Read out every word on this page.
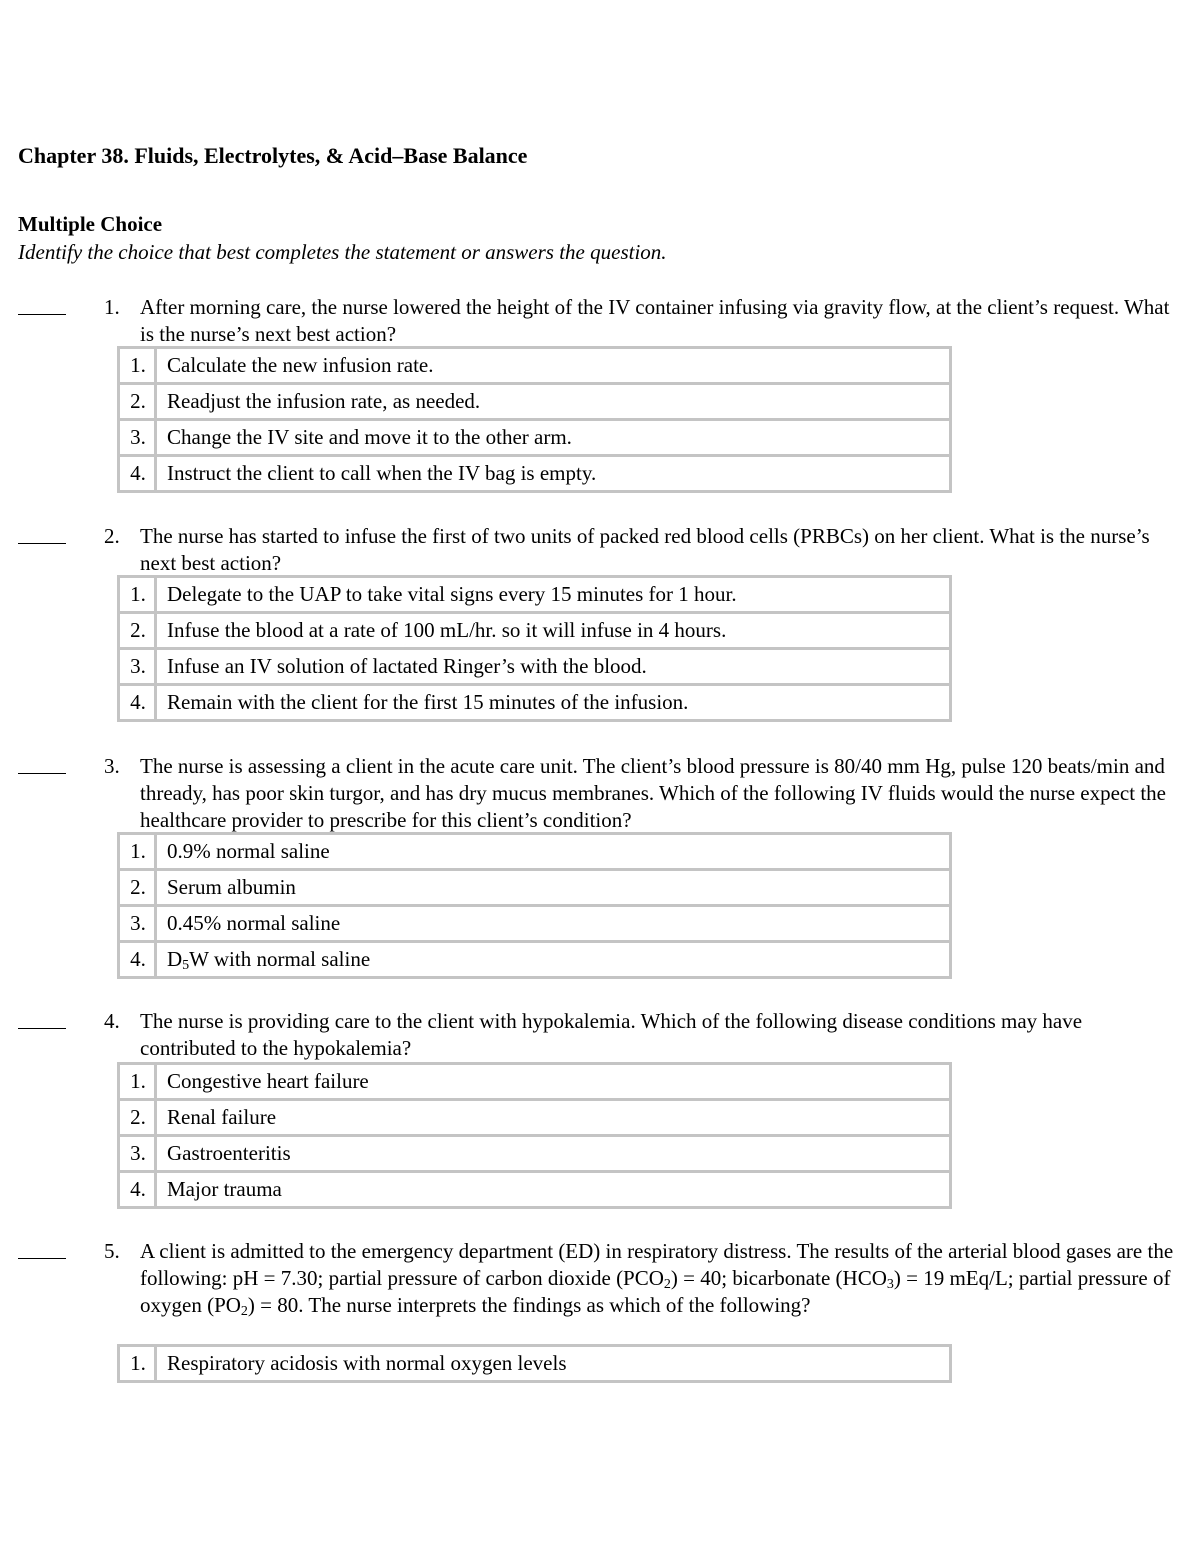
Chapter 38. Fluids, Electrolytes, & Acid–Base Balance
Multiple Choice

Identify the choice that best completes the statement or answers the question.

1. After morning care, the nurse lowered the height of the IV container infusing via gravity flow, at the client’s request. What is the nurse’s next best action?

1.	Calculate the new infusion rate.
2.	Readjust the infusion rate, as needed.
3.	Change the IV site and move it to the other arm.
4.	Instruct the client to call when the IV bag is empty.
2. The nurse has started to infuse the first of two units of packed red blood cells (PRBCs) on her client. What is the nurse’s next best action?

1.	Delegate to the UAP to take vital signs every 15 minutes for 1 hour.
2.	Infuse the blood at a rate of 100 mL/hr. so it will infuse in 4 hours.
3.	Infuse an IV solution of lactated Ringer’s with the blood.
4.	Remain with the client for the first 15 minutes of the infusion.
3. The nurse is assessing a client in the acute care unit. The client’s blood pressure is 80/40 mm Hg, pulse 120 beats/min and thready, has poor skin turgor, and has dry mucus membranes. Which of the following IV fluids would the nurse expect the healthcare provider to prescribe for this client’s condition?

1.	0.9% normal saline
2.	Serum albumin
3.	0.45% normal saline
4.	$D_5W$ with normal saline
4. The nurse is providing care to the client with hypokalemia. Which of the following disease conditions may have contributed to the hypokalemia?

1.	Congestive heart failure
2.	Renal failure
3.	Gastroenteritis
4.	Major trauma
5. A client is admitted to the emergency department (ED) in respiratory distress. The results of the arterial blood gases are the following: pH = 7.30; partial pressure of carbon dioxide $(PCO_2) = 40$; bicarbonate $(HCO_3) = 19$ mEq/L; partial pressure of oxygen $(PO_2) = 80$. The nurse interprets the findings as which of the following?

1.	Respiratory acidosis with normal oxygen levels
